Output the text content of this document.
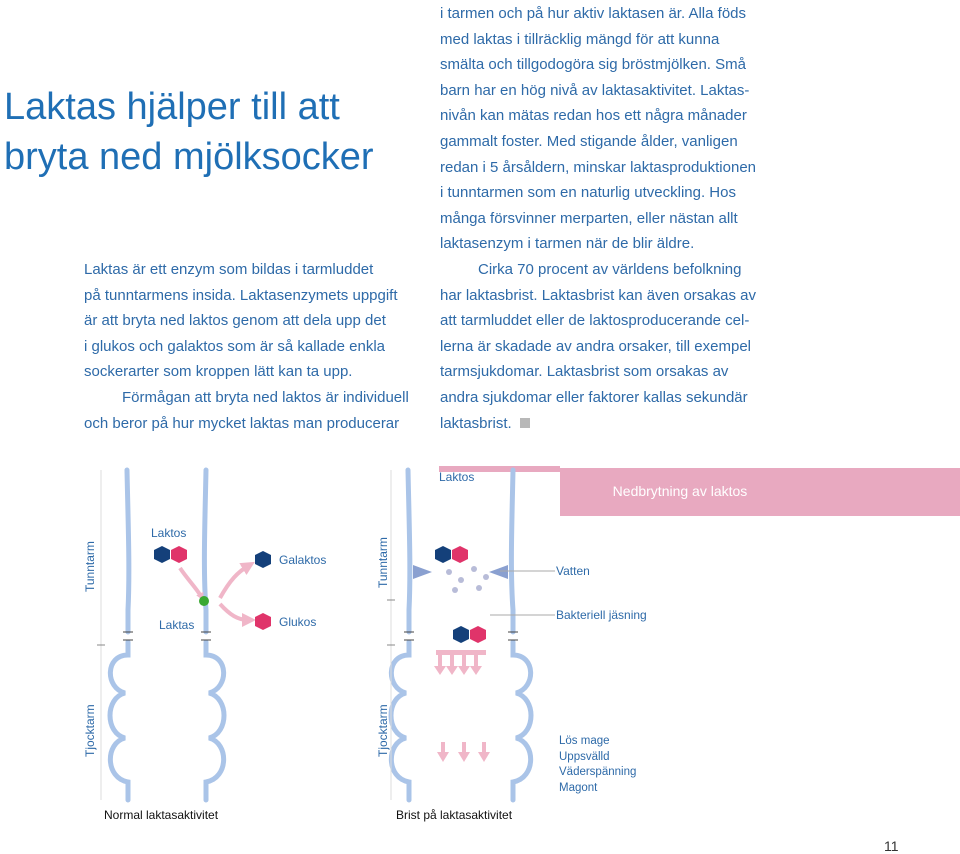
Laktas hjälper till att
bryta ned mjölksocker
Laktas är ett enzym som bildas i tarmluddet
på tunntarmens insida. Laktasenzymets uppgift
är att bryta ned laktos genom att dela upp det
i glukos och galaktos som är så kallade enkla
sockerarter som kroppen lätt kan ta upp.
Förmågan att bryta ned laktos är individuell
och beror på hur mycket laktas man producerar
i tarmen och på hur aktiv laktasen är. Alla föds
med laktas i tillräcklig mängd för att kunna
smälta och tillgodogöra sig bröstmjölken. Små
barn har en hög nivå av laktasaktivitet. Laktas-
nivån kan mätas redan hos ett några månader
gammalt foster. Med stigande ålder, vanligen
redan i 5 årsåldern, minskar laktasproduktionen
i tunntarmen som en naturlig utveckling. Hos
många försvinner merparten, eller nästan allt
laktasenzym i tarmen när de blir äldre.
Cirka 70 procent av världens befolkning
har laktasbrist. Laktasbrist kan även orsakas av
att tarmluddet eller de laktosproducerande cel-
lerna är skadade av andra orsaker, till exempel
tarmsjukdomar. Laktasbrist som orsakas av
andra sjukdomar eller faktorer kallas sekundär
laktasbrist.
Nedbrytning av laktos
Tunntarm
Tjocktarm
Laktos
Laktas
Galaktos
Glukos
Normal laktasaktivitet
Tunntarm
Tjocktarm
Laktos
Vatten
Bakteriell jäsning
Lös mage
Uppsvälld
Väderspänning
Magont
Brist på laktasaktivitet
11
